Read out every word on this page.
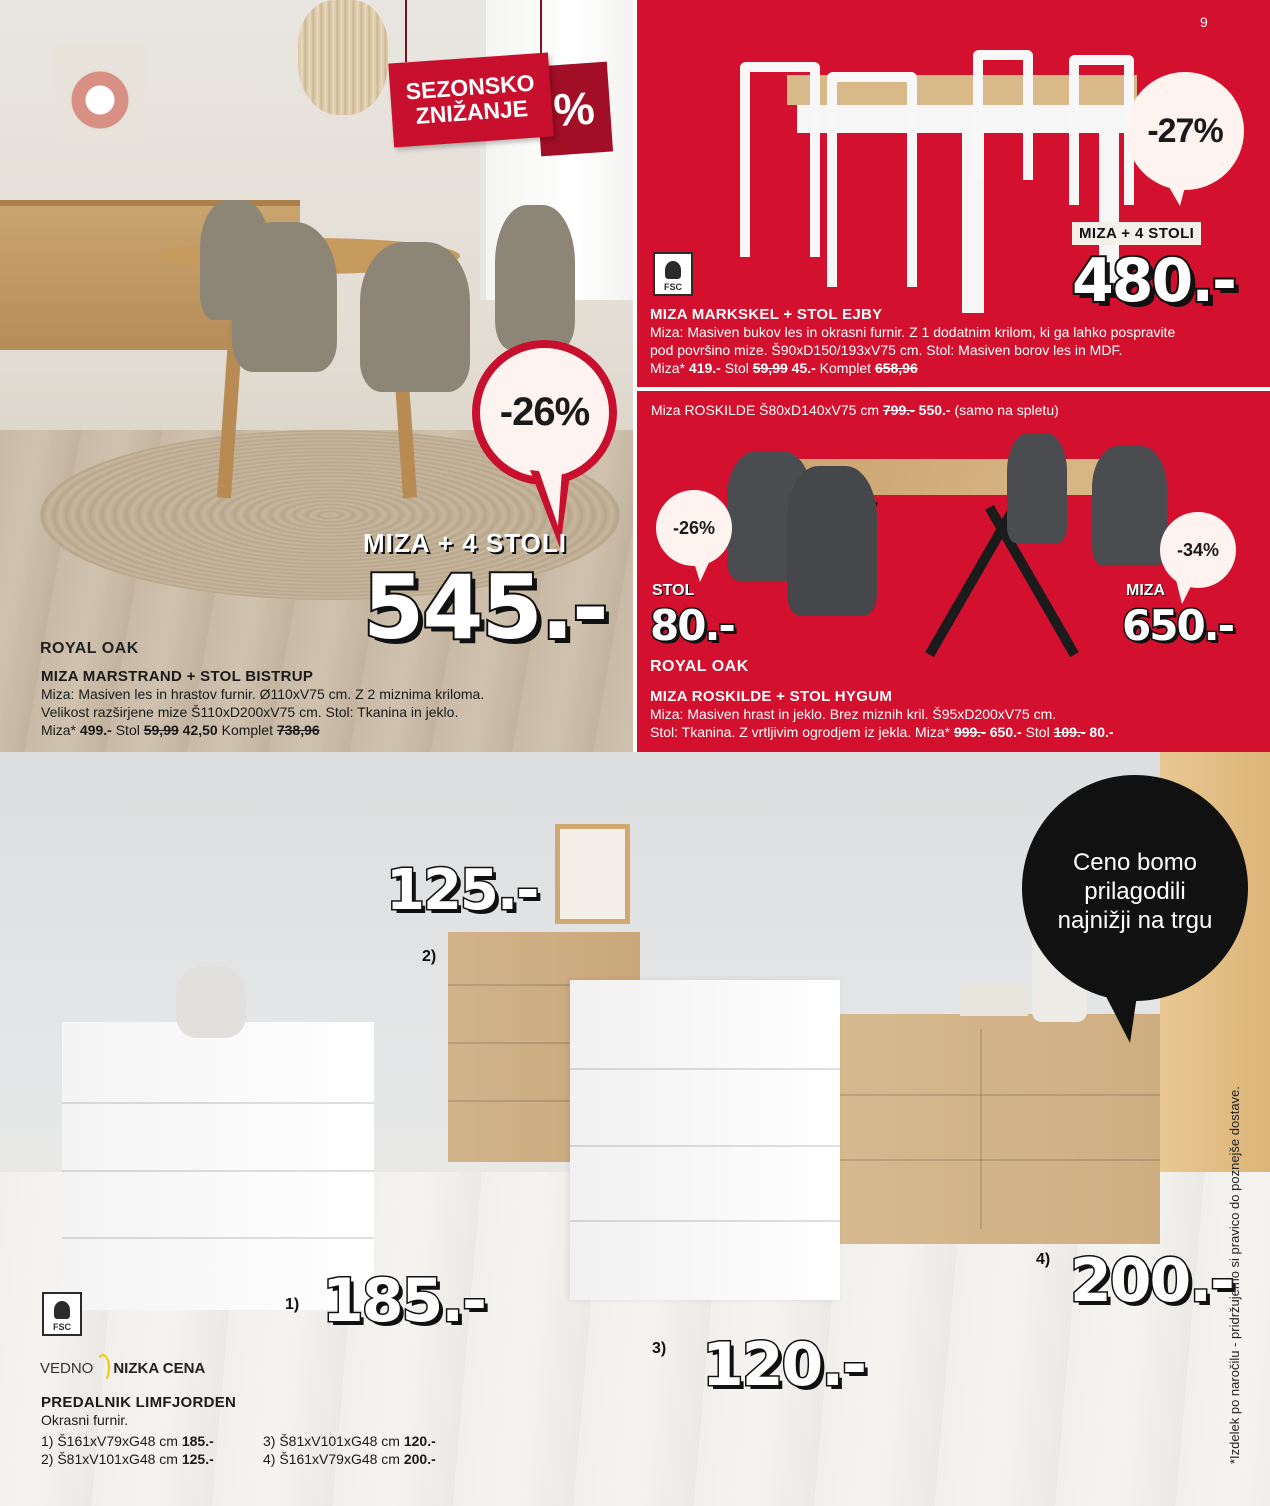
%
SEZONSKO
ZNIŽANJE
-26%
MIZA + 4 STOLI
545.-
ROYAL OAK
MIZA MARSTRAND + STOL BISTRUP
Miza: Masiven les in hrastov furnir. Ø110xV75 cm. Z 2 miznima kriloma.
Velikost razširjene mize Š110xD200xV75 cm. Stol: Tkanina in jeklo.
Miza* 499.- Stol 59,99 42,50 Komplet 738,96
9
FSC
-27%
MIZA + 4 STOLI
480.-
MIZA MARKSKEL + STOL EJBY
Miza: Masiven bukov les in okrasni furnir. Z 1 dodatnim krilom, ki ga lahko pospravite
pod površino mize. Š90xD150/193xV75 cm. Stol: Masiven borov les in MDF.
Miza* 419.- Stol 59,99 45.- Komplet 658,96
Miza ROSKILDE Š80xD140xV75 cm 799.- 550.- (samo na spletu)
-26%
STOL
80.-
-34%
MIZA
650.-
ROYAL OAK
MIZA ROSKILDE + STOL HYGUM
Miza: Masiven hrast in jeklo. Brez miznih kril. Š95xD200xV75 cm.
Stol: Tkanina. Z vrtljivim ogrodjem iz jekla. Miza* 999.- 650.- Stol 109.- 80.-
125.-
2)
185.-
1)
120.-
3)
200.-
4)
Ceno bomo
prilagodili
najnižji na trgu
*Izdelek po naročilu - pridržujemo si pravico do poznejše dostave.
FSC
VEDNO NIZKA CENA
PREDALNIK LIMFJORDEN
Okrasni furnir.
1) Š161xV79xG48 cm 185.-
2) Š81xV101xG48 cm 125.-
3) Š81xV101xG48 cm 120.-
4) Š161xV79xG48 cm 200.-
